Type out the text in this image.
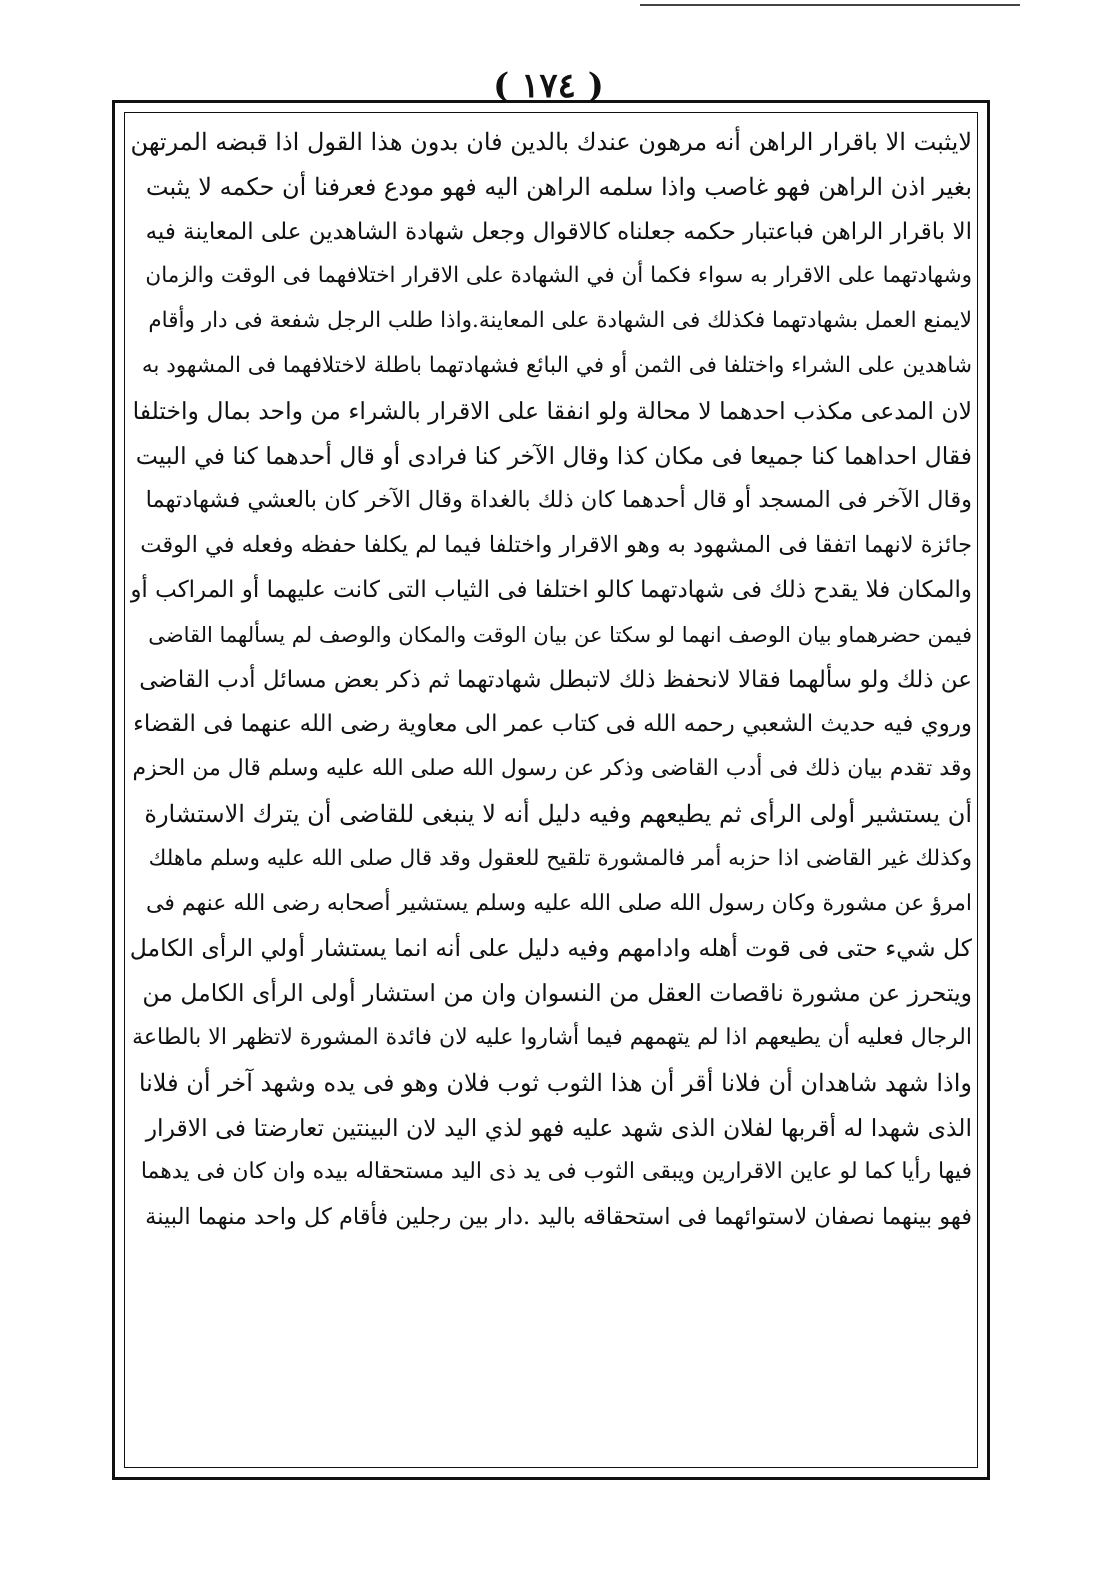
( ١٧٤ )
لايثبت الا باقرار الراهن أنه مرهون عندك بالدين فان بدون هذا القول اذا قبضه المرتهن
بغير اذن الراهن فهو غاصب واذا سلمه الراهن اليه فهو مودع فعرفنا أن حكمه لا يثبت
الا باقرار الراهن فباعتبار حكمه جعلناه كالاقوال وجعل شهادة الشاهدين على المعاينة فيه
وشهادتهما على الاقرار به سواء فكما أن في الشهادة على الاقرار اختلافهما فى الوقت والزمان
لايمنع العمل بشهادتهما فكذلك فى الشهادة على المعاينة.واذا طلب الرجل شفعة فى دار وأقام
شاهدين على الشراء واختلفا فى الثمن أو في البائع فشهادتهما باطلة لاختلافهما فى المشهود به
لان المدعى مكذب احدهما لا محالة ولو انفقا على الاقرار بالشراء من واحد بمال واختلفا
فقال احداهما كنا جميعا فى مكان كذا وقال الآخر كنا فرادى أو قال أحدهما كنا في البيت
وقال الآخر فى المسجد أو قال أحدهما كان ذلك بالغداة وقال الآخر كان بالعشي فشهادتهما
جائزة لانهما اتفقا فى المشهود به وهو الاقرار واختلفا فيما لم يكلفا حفظه وفعله في الوقت
والمكان فلا يقدح ذلك فى شهادتهما كالو اختلفا فى الثياب التى كانت عليهما أو المراكب أو
فيمن حضرهماو بيان الوصف انهما لو سكتا عن بيان الوقت والمكان والوصف لم يسألهما القاضى
عن ذلك ولو سألهما فقالا لانحفظ ذلك لاتبطل شهادتهما ثم ذكر بعض مسائل أدب القاضى
وروي فيه حديث الشعبي رحمه الله فى كتاب عمر الى معاوية رضى الله عنهما فى القضاء
وقد تقدم بيان ذلك فى أدب القاضى وذكر عن رسول الله صلى الله عليه وسلم قال من الحزم
أن يستشير أولى الرأى ثم يطيعهم وفيه دليل أنه لا ينبغى للقاضى أن يترك الاستشارة
وكذلك غير القاضى اذا حزبه أمر فالمشورة تلقيح للعقول وقد قال صلى الله عليه وسلم ماهلك
امرؤ عن مشورة وكان رسول الله صلى الله عليه وسلم يستشير أصحابه رضى الله عنهم فى
كل شيء حتى فى قوت أهله وادامهم وفيه دليل على أنه انما يستشار أولي الرأى الكامل
ويتحرز عن مشورة ناقصات العقل من النسوان وان من استشار أولى الرأى الكامل من
الرجال فعليه أن يطيعهم اذا لم يتهمهم فيما أشاروا عليه لان فائدة المشورة لاتظهر الا بالطاعة
واذا شهد شاهدان أن فلانا أقر أن هذا الثوب ثوب فلان وهو فى يده وشهد آخر أن فلانا
الذى شهدا له أقربها لفلان الذى شهد عليه فهو لذي اليد لان البينتين تعارضتا فى الاقرار
فيها رأيا كما لو عاين الاقرارين ويبقى الثوب فى يد ذى اليد مستحقاله بيده وان كان فى يدهما
فهو بينهما نصفان لاستوائهما فى استحقاقه باليد .دار بين رجلين فأقام كل واحد منهما البينة
